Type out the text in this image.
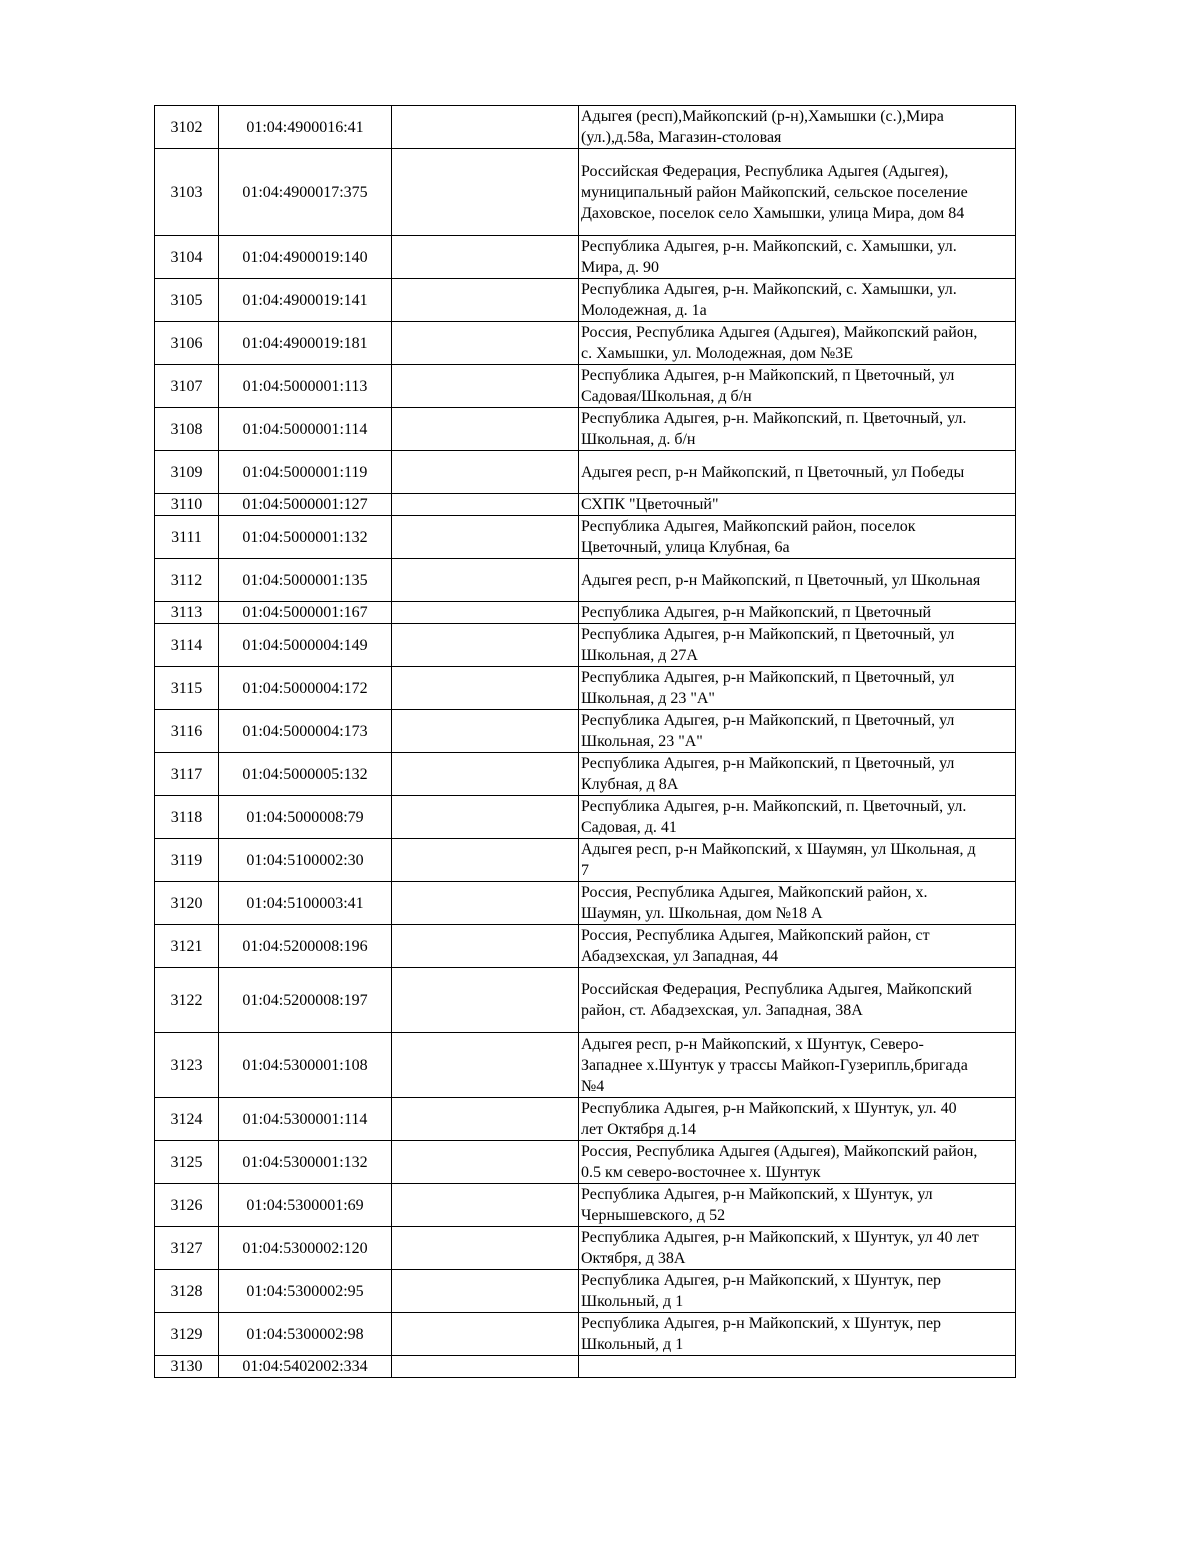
3102	01:04:4900016:41		Адыгея (респ),Майкопский (р-н),Хамышки (с.),Мира
(ул.),д.58а, Магазин-столовая
3103	01:04:4900017:375		Российская Федерация, Республика Адыгея (Адыгея),
муниципальный район Майкопский, сельское поселение
Даховское, поселок село Хамышки, улица Мира, дом 84
3104	01:04:4900019:140		Республика Адыгея, р-н. Майкопский, с. Хамышки, ул.
Мира, д. 90
3105	01:04:4900019:141		Республика Адыгея, р-н. Майкопский, с. Хамышки, ул.
Молодежная, д. 1а
3106	01:04:4900019:181		Россия, Республика Адыгея (Адыгея), Майкопский район,
с. Хамышки, ул. Молодежная, дом №3Е
3107	01:04:5000001:113		Республика Адыгея, р-н Майкопский, п Цветочный, ул
Садовая/Школьная, д б/н
3108	01:04:5000001:114		Республика Адыгея, р-н. Майкопский, п. Цветочный, ул.
Школьная, д. б/н
3109	01:04:5000001:119		Адыгея респ, р-н Майкопский, п Цветочный, ул Победы
3110	01:04:5000001:127		СХПК "Цветочный"
3111	01:04:5000001:132		Республика Адыгея, Майкопский район, поселок
Цветочный, улица Клубная, 6а
3112	01:04:5000001:135		Адыгея респ, р-н Майкопский, п Цветочный, ул Школьная
3113	01:04:5000001:167		Республика Адыгея, р-н Майкопский, п Цветочный
3114	01:04:5000004:149		Республика Адыгея, р-н Майкопский, п Цветочный, ул
Школьная, д 27А
3115	01:04:5000004:172		Республика Адыгея, р-н Майкопский, п Цветочный, ул
Школьная, д 23 "А"
3116	01:04:5000004:173		Республика Адыгея, р-н Майкопский, п Цветочный, ул
Школьная, 23 "А"
3117	01:04:5000005:132		Республика Адыгея, р-н Майкопский, п Цветочный, ул
Клубная, д 8А
3118	01:04:5000008:79		Республика Адыгея, р-н. Майкопский, п. Цветочный, ул.
Садовая, д. 41
3119	01:04:5100002:30		Адыгея респ, р-н Майкопский, х Шаумян, ул Школьная, д
7
3120	01:04:5100003:41		Россия, Республика Адыгея, Майкопский район, х.
Шаумян, ул. Школьная, дом №18 А
3121	01:04:5200008:196		Россия, Республика Адыгея, Майкопский район, ст
Абадзехская, ул Западная, 44
3122	01:04:5200008:197		Российская Федерация, Республика Адыгея, Майкопский
район, ст. Абадзехская, ул. Западная, 38А
3123	01:04:5300001:108		Адыгея респ, р-н Майкопский, х Шунтук, Северо-
Западнее х.Шунтук у трассы Майкоп-Гузерипль,бригада
№4
3124	01:04:5300001:114		Республика Адыгея, р-н Майкопский, х Шунтук, ул. 40
лет Октября д.14
3125	01:04:5300001:132		Россия, Республика Адыгея (Адыгея), Майкопский район,
0.5 км северо-восточнее х. Шунтук
3126	01:04:5300001:69		Республика Адыгея, р-н Майкопский, х Шунтук, ул
Чернышевского, д 52
3127	01:04:5300002:120		Республика Адыгея, р-н Майкопский, х Шунтук, ул 40 лет
Октября, д 38А
3128	01:04:5300002:95		Республика Адыгея, р-н Майкопский, х Шунтук, пер
Школьный, д 1
3129	01:04:5300002:98		Республика Адыгея, р-н Майкопский, х Шунтук, пер
Школьный, д 1
3130	01:04:5402002:334		
